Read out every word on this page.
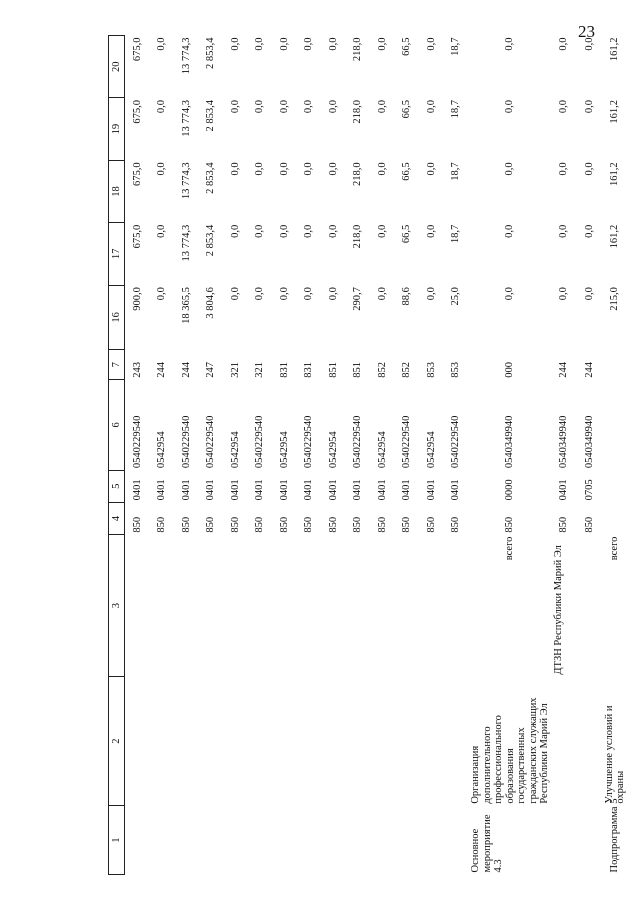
23
1	2	3	4	5	6	7	16	17	18	19	20
			850	0401	0540229540	243	900,0	675,0	675,0	675,0	675,0
			850	0401	0542954	244	0,0	0,0	0,0	0,0	0,0
			850	0401	0540229540	244	18 365,5	13 774,3	13 774,3	13 774,3	13 774,3
			850	0401	0540229540	247	3 804,6	2 853,4	2 853,4	2 853,4	2 853,4
			850	0401	0542954	321	0,0	0,0	0,0	0,0	0,0
			850	0401	0540229540	321	0,0	0,0	0,0	0,0	0,0
			850	0401	0542954	831	0,0	0,0	0,0	0,0	0,0
			850	0401	0540229540	831	0,0	0,0	0,0	0,0	0,0
			850	0401	0542954	851	0,0	0,0	0,0	0,0	0,0
			850	0401	0540229540	851	290,7	218,0	218,0	218,0	218,0
			850	0401	0542954	852	0,0	0,0	0,0	0,0	0,0
			850	0401	0540229540	852	88,6	66,5	66,5	66,5	66,5
			850	0401	0542954	853	0,0	0,0	0,0	0,0	0,0
			850	0401	0540229540	853	25,0	18,7	18,7	18,7	18,7
Основное мероприятие 4.3	Организация дополнительного профессионального образования государственных гражданских служащих Республики Марий Эл	всего	850	0000	0540349940	000	0,0	0,0	0,0	0,0	0,0
		ДТЗН Республики Марий Эл	850	0401	0540349940	244	0,0	0,0	0,0	0,0	0,0
			850	0705	0540349940	244	0,0	0,0	0,0	0,0	0,0
Подпрограмма 5	Улучшение условий и охраны	всего					215,0	161,2	161,2	161,2	161,2
